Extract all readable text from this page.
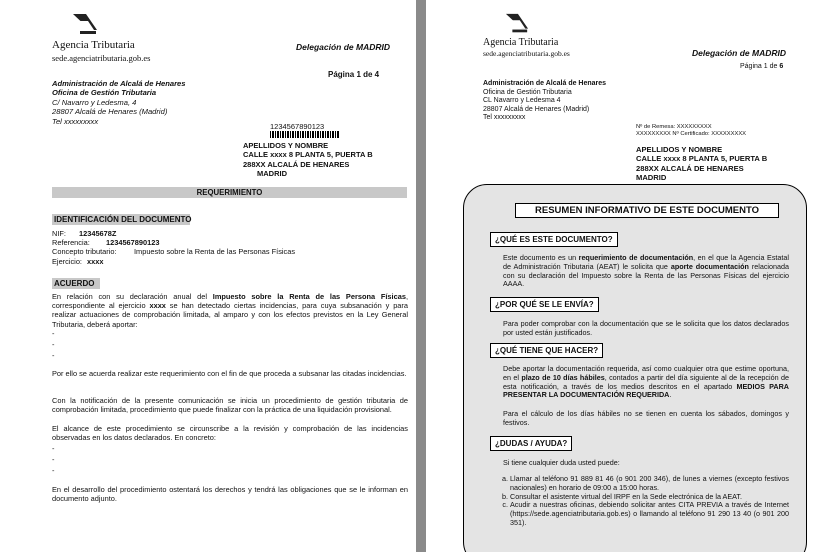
Agencia Tributaria
sede.agenciatributaria.gob.es
Delegación de MADRID
Página 1 de 4
Administración de Alcalá de Henares
Oficina de Gestión Tributaria
C/ Navarro y Ledesma, 4
28807 Alcalá de Henares (Madrid)
Tel xxxxxxxxx
1234567890123
APELLIDOS Y NOMBRE
CALLE xxxx 8 PLANTA 5, PUERTA B
288XX ALCALÁ DE HENARES
MADRID
REQUERIMIENTO
IDENTIFICACIÓN DEL DOCUMENTO
NIF: 12345678Z
Referencia: 1234567890123
Concepto tributario: Impuesto sobre la Renta de las Personas Físicas
Ejercicio: xxxx
ACUERDO
En relación con su declaración anual del Impuesto sobre la Renta de las Persona Físicas, correspondiente al ejercicio xxxx se han detectado ciertas incidencias, para cuya subsanación y para realizar actuaciones de comprobación limitada, al amparo y con los efectos previstos en la Ley General Tributaria, deberá aportar:
-
-
-
Por ello se acuerda realizar este requerimiento con el fin de que proceda a subsanar las citadas incidencias.
Con la notificación de la presente comunicación se inicia un procedimiento de gestión tributaria de comprobación limitada, procedimiento que puede finalizar con la práctica de una liquidación provisional.
El alcance de este procedimiento se circunscribe a la revisión y comprobación de las incidencias observadas en los datos declarados. En concreto:
-
-
-
En el desarrollo del procedimiento ostentará los derechos y tendrá las obligaciones que se le informan en documento adjunto.
Agencia Tributaria
sede.agenciatributaria.gob.es	Delegación de MADRID
Página 1 de 6
Administración de Alcalá de Henares
Oficina de Gestión Tributaria
CL Navarro y Ledesma 4
28807 Alcalá de Henares (Madrid)
Tel xxxxxxxxx
Nº de Remesa: XXXXXXXXX
XXXXXXXXX Nº Certificado: XXXXXXXXX
APELLIDOS Y NOMBRE
CALLE xxxx 8 PLANTA 5, PUERTA B
288XX ALCALÁ DE HENARES
MADRID
RESUMEN INFORMATIVO DE ESTE DOCUMENTO
¿QUÉ ES ESTE DOCUMENTO?
Este documento es un requerimiento de documentación, en el que la Agencia Estatal de Administración Tributaria (AEAT) le solicita que aporte documentación relacionada con su declaración del Impuesto sobre la Renta de las Personas Físicas del ejercicio AAAA.
¿POR QUÉ SE LE ENVÍA?
Para poder comprobar con la documentación que se le solicita que los datos declarados por usted están justificados.
¿QUÉ TIENE QUE HACER?
Debe aportar la documentación requerida, así como cualquier otra que estime oportuna, en el plazo de 10 días hábiles, contados a partir del día siguiente al de la recepción de esta notificación, a través de los medios descritos en el apartado MEDIOS PARA PRESENTAR LA DOCUMENTACIÓN REQUERIDA.
Para el cálculo de los días hábiles no se tienen en cuenta los sábados, domingos y festivos.
¿DUDAS / AYUDA?
Si tiene cualquier duda usted puede:
a. Llamar al teléfono 91 889 81 46 (o 901 200 346), de lunes a viernes (excepto festivos nacionales) en horario de 09:00 a 15:00 horas.
b. Consultar el asistente virtual del IRPF en la Sede electrónica de la AEAT.
c. Acudir a nuestras oficinas, debiendo solicitar antes CITA PREVIA a través de Internet (https://sede.agenciatributaria.gob.es) o llamando al teléfono 91 290 13 40 (o 901 200 351).
